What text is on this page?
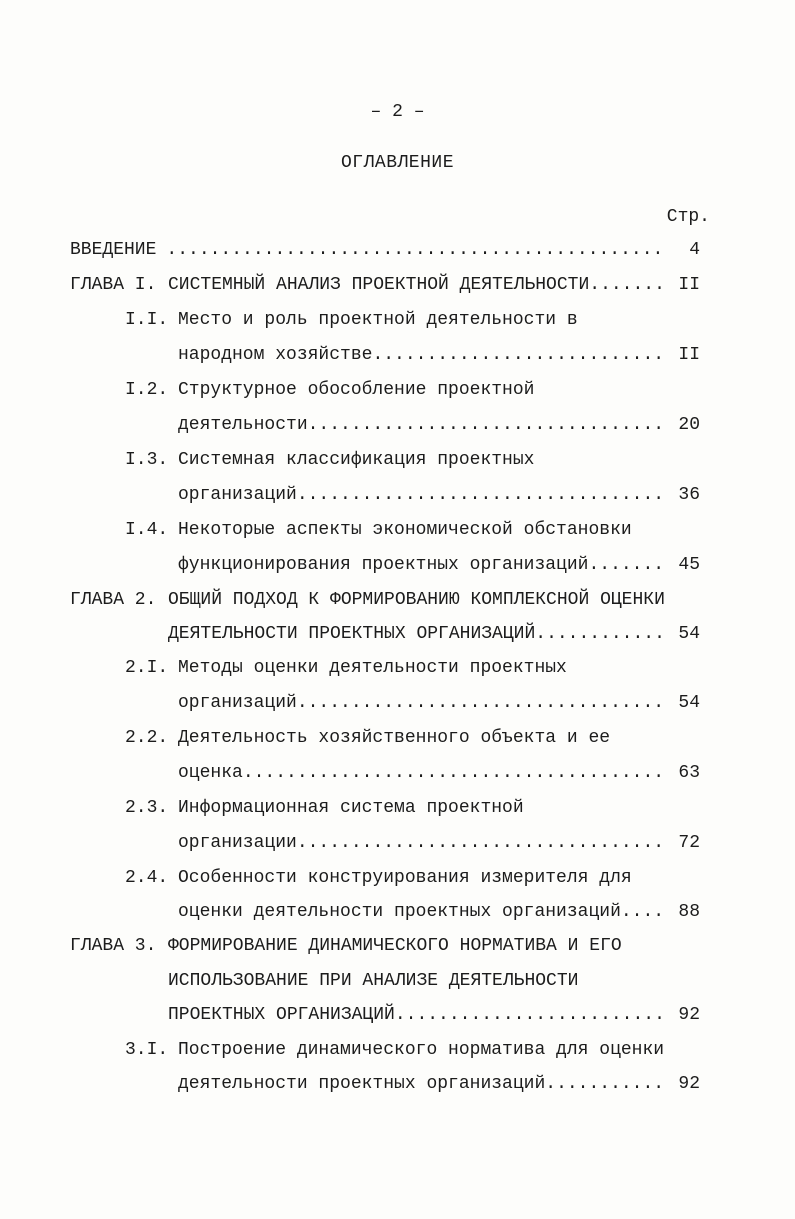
– 2 –
ОГЛАВЛЕНИЕ
Стр.
ВВЕДЕНИЕ .....	4
ГЛАВА I. СИСТЕМНЫЙ АНАЛИЗ ПРОЕКТНОЙ ДЕЯТЕЛЬНОСТИ .....	II
I.I. Место и роль проектной деятельности в
народном хозяйстве .....	II
I.2. Структурное обособление проектной
деятельности .....	20
I.3. Системная классификация проектных
организаций .....	36
I.4. Некоторые аспекты экономической обстановки
функционирования проектных организаций .....	45
ГЛАВА 2. ОБЩИЙ ПОДХОД К ФОРМИРОВАНИЮ КОМПЛЕКСНОЙ ОЦЕНКИ
ДЕЯТЕЛЬНОСТИ ПРОЕКТНЫХ ОРГАНИЗАЦИЙ .....	54
2.I. Методы оценки деятельности проектных
организаций .....	54
2.2. Деятельность хозяйственного объекта и ее
оценка .....	63
2.3. Информационная система проектной
организации .....	72
2.4. Особенности конструирования измерителя для
оценки деятельности проектных организаций .....	88
ГЛАВА 3. ФОРМИРОВАНИЕ ДИНАМИЧЕСКОГО НОРМАТИВА И ЕГО
ИСПОЛЬЗОВАНИЕ ПРИ АНАЛИЗЕ ДЕЯТЕЛЬНОСТИ
ПРОЕКТНЫХ ОРГАНИЗАЦИЙ .....	92
3.I. Построение динамического норматива для оценки
деятельности проектных организаций .....	92
